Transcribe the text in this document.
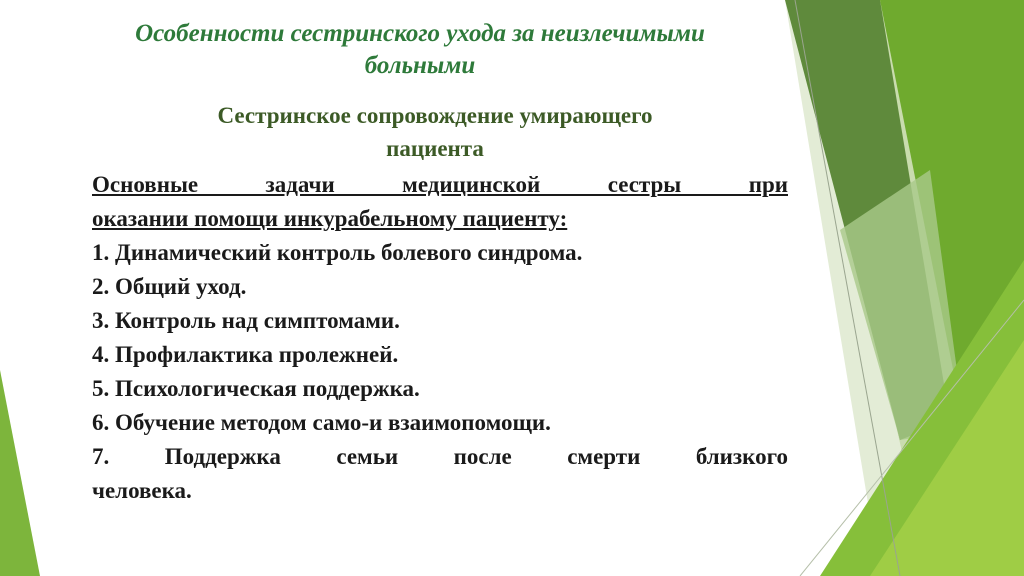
Особенности сестринского ухода за неизлечимыми
больными
Сестринское сопровождение умирающего
пациента
Основные задачи медицинской сестры при
оказании помощи инкурабельному пациенту:
1. Динамический контроль болевого синдрома.
2. Общий уход.
3. Контроль над симптомами.
4. Профилактика пролежней.
5. Психологическая поддержка.
6. Обучение методом само-и взаимопомощи.
7. Поддержка семьи после смерти близкого
человека.
